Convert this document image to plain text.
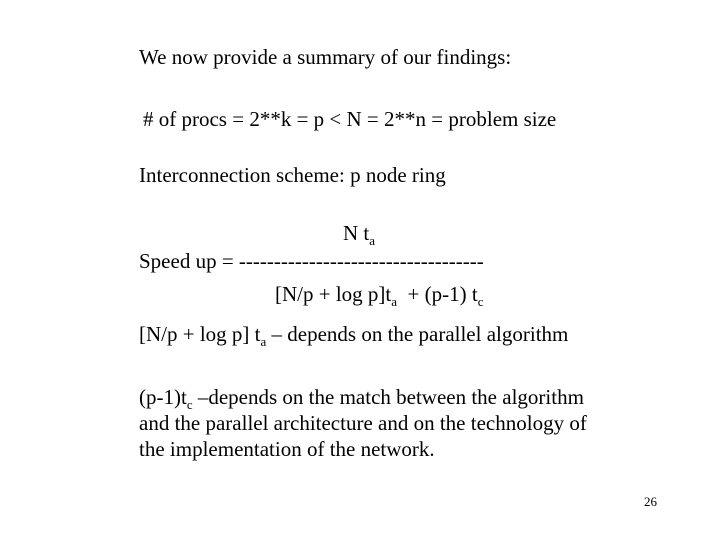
We now provide a summary of our findings:
# of procs = 2**k = p < N = 2**n = problem size
Interconnection scheme: p node ring
N $t_a$
Speed up = -----------------------------------
$[N/p + \log p]t_a + (p-1)$ $t_c$
[N/p + log p] $t_a$ – depends on the parallel algorithm
$(p-1)t_c$ –depends on the match between the algorithm
and the parallel architecture and on the technology of
the implementation of the network.
26
